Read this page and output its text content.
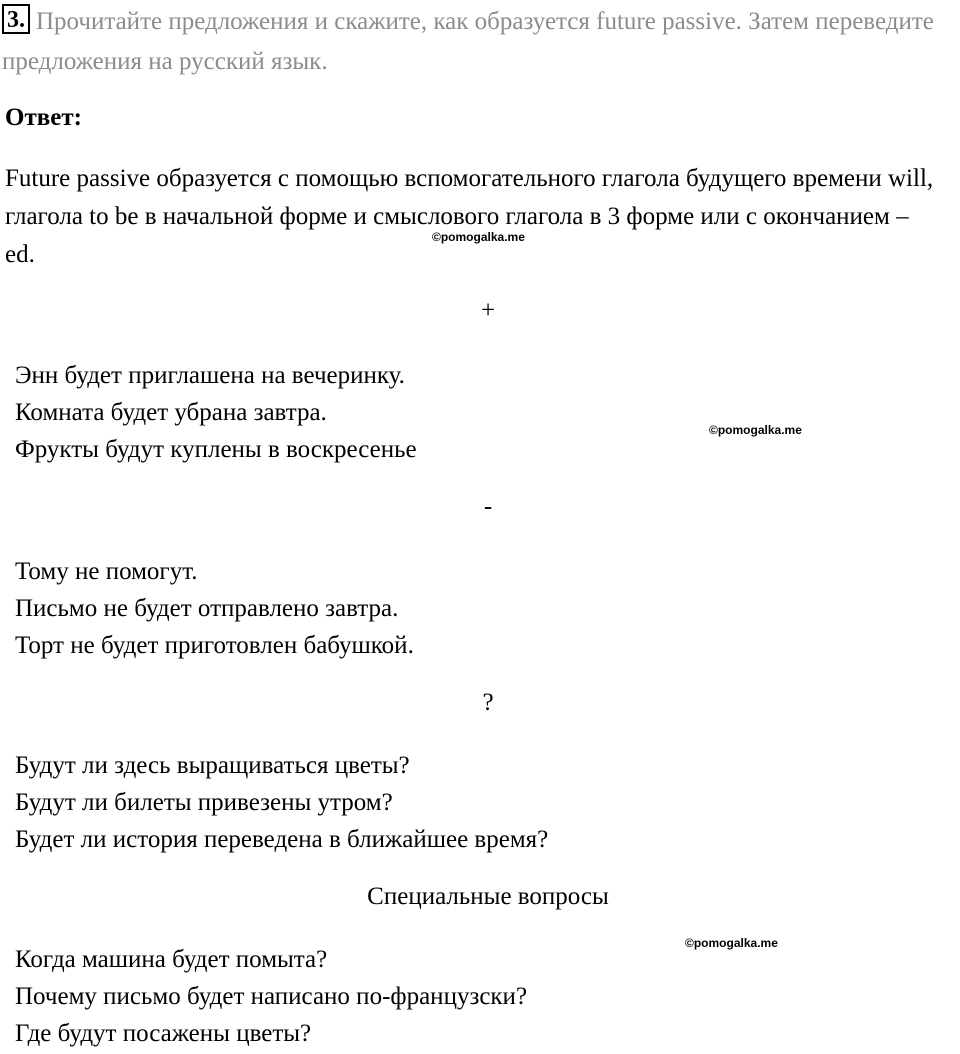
3. Прочитайте предложения и скажите, как образуется future passive. Затем переведите предложения на русский язык.
Ответ:
Future passive образуется с помощью вспомогательного глагола будущего времени will, глагола to be в начальной форме и смыслового глагола в 3 форме или с окончанием – ed.
©pomogalka.me
©pomogalka.me
©pomogalka.me
+
Энн будет приглашена на вечеринку.
Комната будет убрана завтра.
Фрукты будут куплены в воскресенье
-
Тому не помогут.
Письмо не будет отправлено завтра.
Торт не будет приготовлен бабушкой.
?
Будут ли здесь выращиваться цветы?
Будут ли билеты привезены утром?
Будет ли история переведена в ближайшее время?
Специальные вопросы
Когда машина будет помыта?
Почему письмо будет написано по-французски?
Где будут посажены цветы?
